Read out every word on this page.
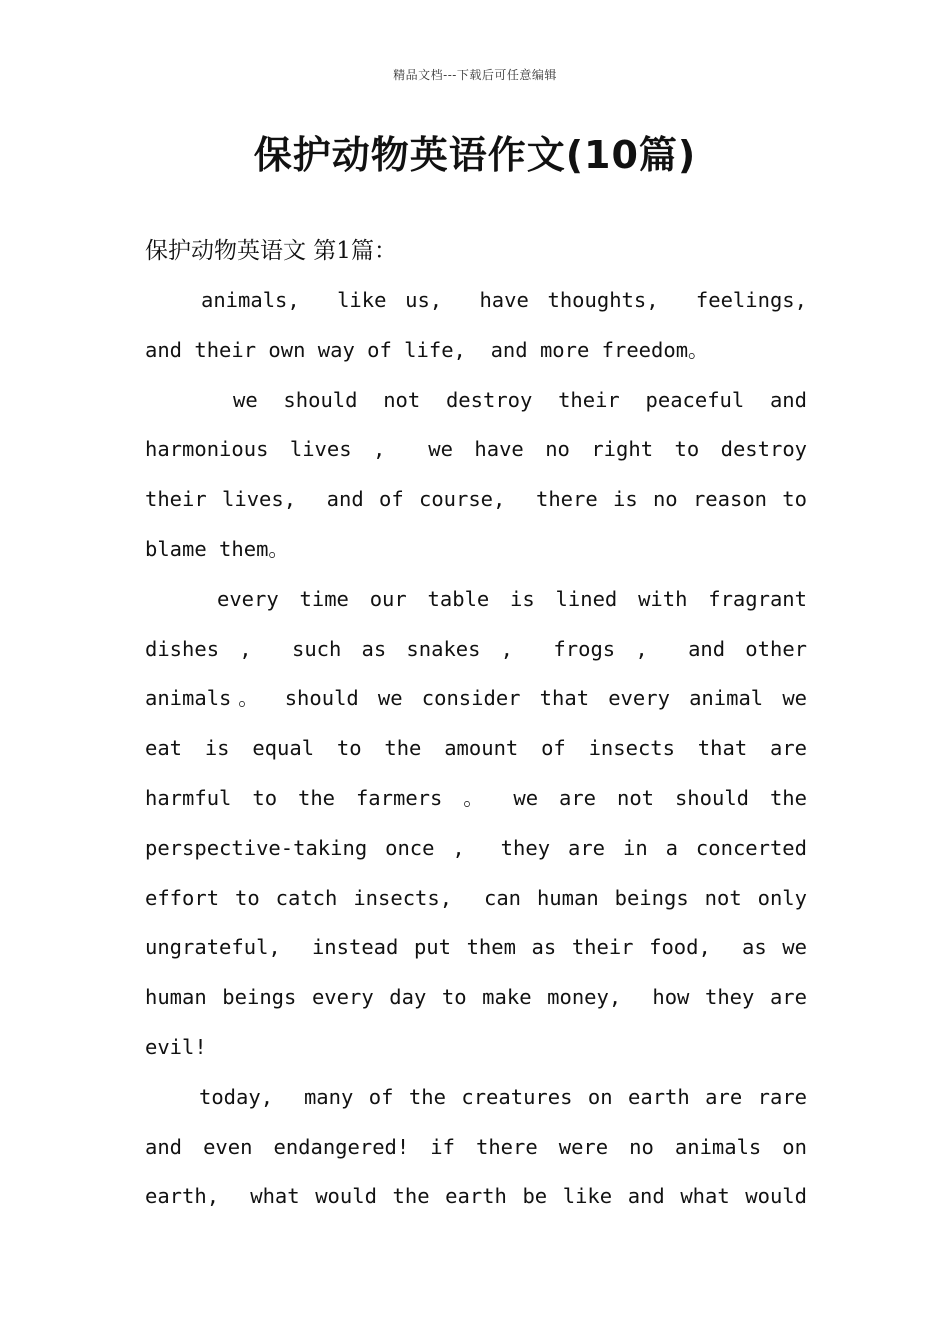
精品文档---下载后可任意编辑
保护动物英语作文(10篇)
保护动物英语文 第1篇：
animals,  like us,  have thoughts,  feelings,
and their own way of life,  and more freedom。
we should not destroy their peaceful and
harmonious lives ,  we have no right to destroy
their lives,  and of course,  there is no reason to
blame them。
every time our table is lined with fragrant
dishes ,  such as snakes ,  frogs ,  and other
animals。 should we consider that every animal we
eat is equal to the amount of insects that are
harmful to the farmers 。 we are not should the
perspective-taking once ,  they are in a concerted
effort to catch insects,  can human beings not only
ungrateful,  instead put them as their food,  as we
human beings every day to make money,  how they are
evil!
today,  many of the creatures on earth are rare
and even endangered! if there were no animals on
earth,  what would the earth be like and what would
